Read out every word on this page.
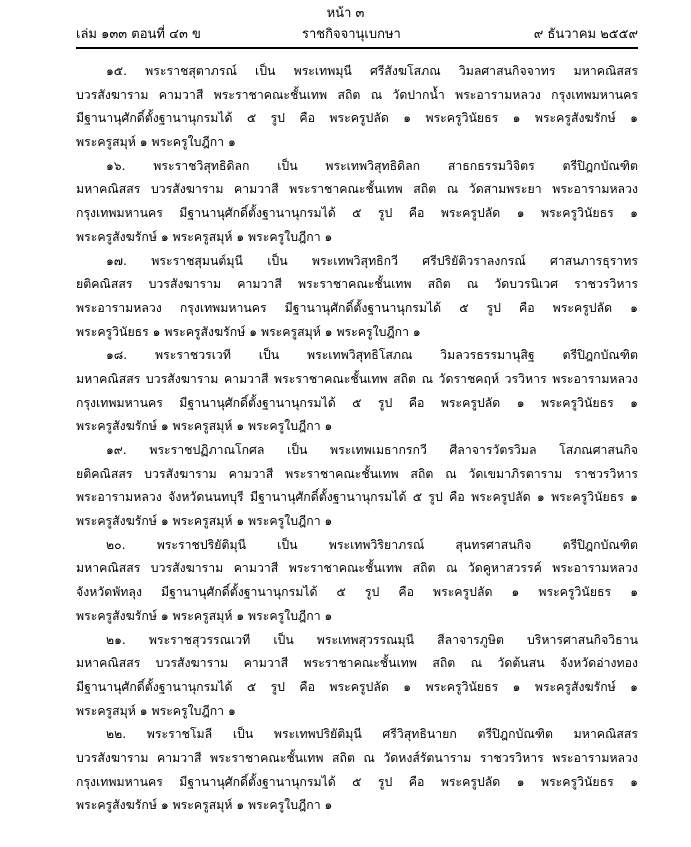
หน้า ๓
เล่ม ๑๓๓ ตอนที่ ๔๓ ข	ราชกิจจานุเบกษา	๙ ธันวาคม ๒๕๕๙
๑๕. พระราชสุตาภรณ์ เป็น พระเทพมุนี ศรีสังฆโสภณ วิมลศาสนกิจจาทร มหาคณิสสร
บวรสังฆาราม คามวาสี พระราชาคณะชั้นเทพ สถิต ณ วัดปากน้ำ พระอารามหลวง กรุงเทพมหานคร
มีฐานานุศักดิ์ตั้งฐานานุกรมได้ ๕ รูป คือ พระครูปลัด ๑ พระครูวินัยธร ๑ พระครูสังฆรักษ์ ๑
พระครูสมุห์ ๑ พระครูใบฎีกา ๑
๑๖. พระราชวิสุทธิดิลก เป็น พระเทพวิสุทธิดิลก สาธกธรรมวิจิตร ตรีปิฎกบัณฑิต
มหาคณิสสร บวรสังฆาราม คามวาสี พระราชาคณะชั้นเทพ สถิต ณ วัดสามพระยา พระอารามหลวง
กรุงเทพมหานคร มีฐานานุศักดิ์ตั้งฐานานุกรมได้ ๕ รูป คือ พระครูปลัด ๑ พระครูวินัยธร ๑
พระครูสังฆรักษ์ ๑ พระครูสมุห์ ๑ พระครูใบฎีกา ๑
๑๗. พระราชสุมนต์มุนี เป็น พระเทพวิสุทธิกวี ศรีปริยัติวราลงกรณ์ ศาสนภารธุราทร
ยติคณิสสร บวรสังฆาราม คามวาสี พระราชาคณะชั้นเทพ สถิต ณ วัดบวรนิเวศ ราชวรวิหาร
พระอารามหลวง กรุงเทพมหานคร มีฐานานุศักดิ์ตั้งฐานานุกรมได้ ๕ รูป คือ พระครูปลัด ๑
พระครูวินัยธร ๑ พระครูสังฆรักษ์ ๑ พระครูสมุห์ ๑ พระครูใบฎีกา ๑
๑๘. พระราชวรเวที เป็น พระเทพวิสุทธิโสภณ วิมลวรธรรมานุสิฐ ตรีปิฎกบัณฑิต
มหาคณิสสร บวรสังฆาราม คามวาสี พระราชาคณะชั้นเทพ สถิต ณ วัดราชคฤห์ วรวิหาร พระอารามหลวง
กรุงเทพมหานคร มีฐานานุศักดิ์ตั้งฐานานุกรมได้ ๕ รูป คือ พระครูปลัด ๑ พระครูวินัยธร ๑
พระครูสังฆรักษ์ ๑ พระครูสมุห์ ๑ พระครูใบฎีกา ๑
๑๙. พระราชปฏิภาณโกศล เป็น พระเทพเมธากรกวี ศีลาจารวัตรวิมล โสภณศาสนกิจ
ยติคณิสสร บวรสังฆาราม คามวาสี พระราชาคณะชั้นเทพ สถิต ณ วัดเขมาภิรตาราม ราชวรวิหาร
พระอารามหลวง จังหวัดนนทบุรี มีฐานานุศักดิ์ตั้งฐานานุกรมได้ ๕ รูป คือ พระครูปลัด ๑ พระครูวินัยธร ๑
พระครูสังฆรักษ์ ๑ พระครูสมุห์ ๑ พระครูใบฎีกา ๑
๒๐. พระราชปริยัติมุนี เป็น พระเทพวิริยาภรณ์ สุนทรศาสนกิจ ตรีปิฎกบัณฑิต
มหาคณิสสร บวรสังฆาราม คามวาสี พระราชาคณะชั้นเทพ สถิต ณ วัดคูหาสวรรค์ พระอารามหลวง
จังหวัดพัทลุง มีฐานานุศักดิ์ตั้งฐานานุกรมได้ ๕ รูป คือ พระครูปลัด ๑ พระครูวินัยธร ๑
พระครูสังฆรักษ์ ๑ พระครูสมุห์ ๑ พระครูใบฎีกา ๑
๒๑. พระราชสุวรรณเวที เป็น พระเทพสุวรรณมุนี สีลาจารภูษิต บริหารศาสนกิจวิธาน
มหาคณิสสร บวรสังฆาราม คามวาสี พระราชาคณะชั้นเทพ สถิต ณ วัดต้นสน จังหวัดอ่างทอง
มีฐานานุศักดิ์ตั้งฐานานุกรมได้ ๕ รูป คือ พระครูปลัด ๑ พระครูวินัยธร ๑ พระครูสังฆรักษ์ ๑
พระครูสมุห์ ๑ พระครูใบฎีกา ๑
๒๒. พระราชโมลี เป็น พระเทพปริยัติมุนี ศรีวิสุทธินายก ตรีปิฎกบัณฑิต มหาคณิสสร
บวรสังฆาราม คามวาสี พระราชาคณะชั้นเทพ สถิต ณ วัดหงส์รัตนาราม ราชวรวิหาร พระอารามหลวง
กรุงเทพมหานคร มีฐานานุศักดิ์ตั้งฐานานุกรมได้ ๕ รูป คือ พระครูปลัด ๑ พระครูวินัยธร ๑
พระครูสังฆรักษ์ ๑ พระครูสมุห์ ๑ พระครูใบฎีกา ๑
